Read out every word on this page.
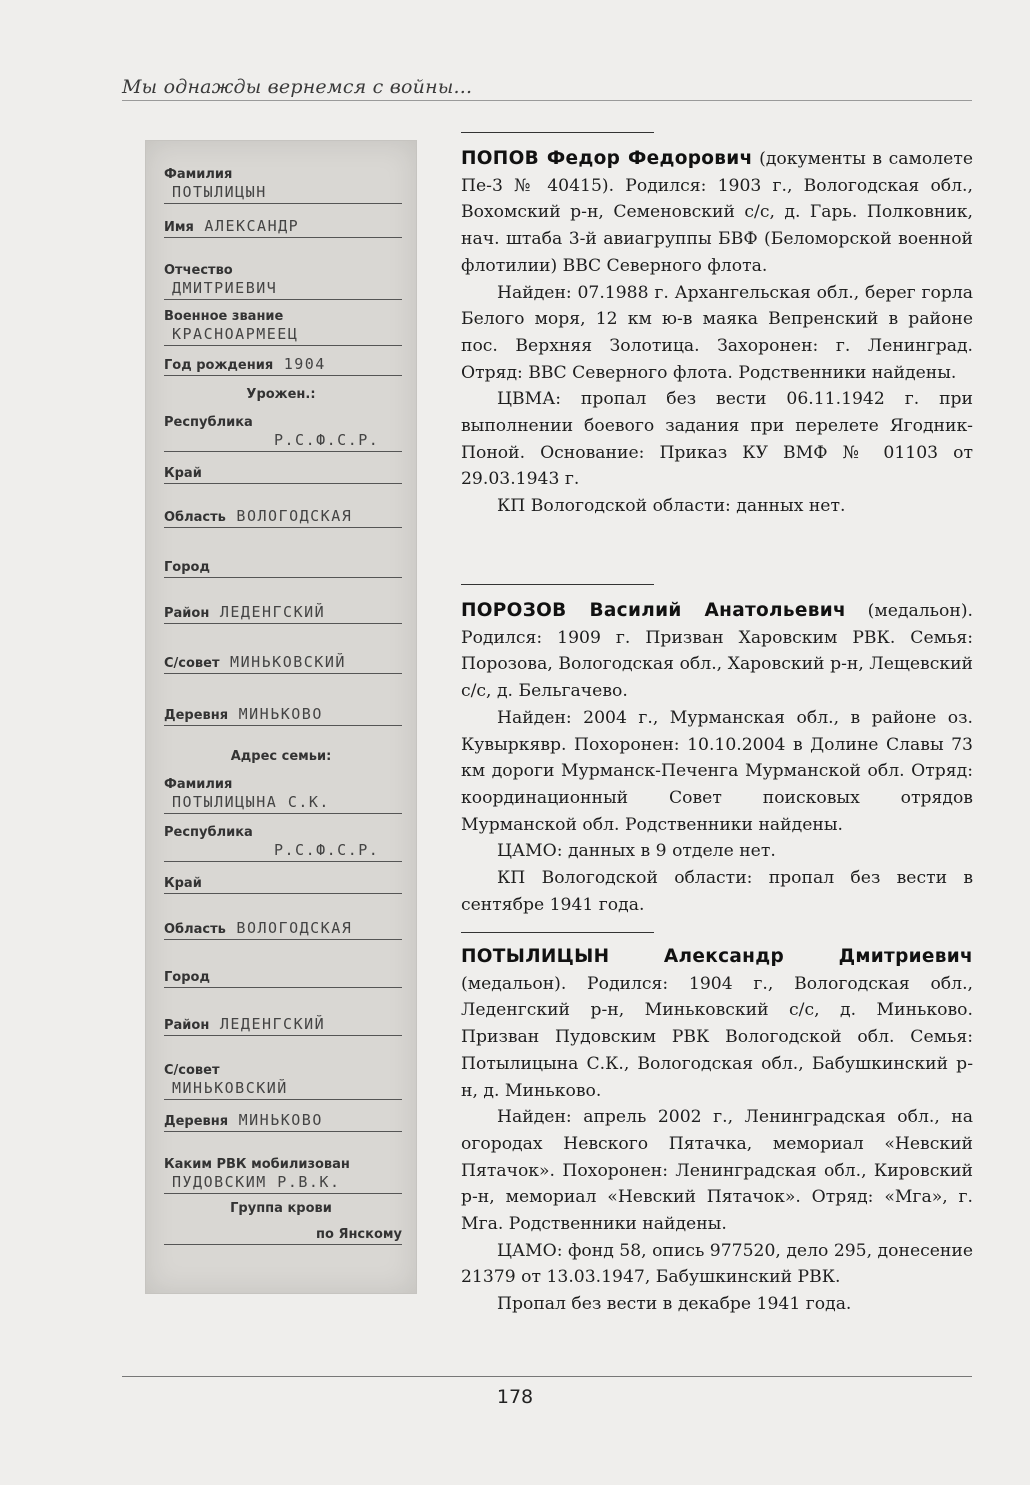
Мы однажды вернемся с войны...
Фамилия
ПОТЫЛИЦЫН
Имя АЛЕКСАНДР
Отчество
ДМИТРИЕВИЧ
Военное звание
КРАСНОАРМЕЕЦ
Год рождения 1904
Урожен.:
Республика
Р.С.Ф.С.Р.
Край
Область ВОЛОГОДСКАЯ
Город
Район ЛЕДЕНГСКИЙ
С/совет МИНЬКОВСКИЙ
Деревня МИНЬКОВО
Адрес семьи:
Фамилия
ПОТЫЛИЦЫНА С.К.
Республика
Р.С.Ф.С.Р.
Край
Область ВОЛОГОДСКАЯ
Город
Район ЛЕДЕНГСКИЙ
С/совет
МИНЬКОВСКИЙ
Деревня МИНЬКОВО
Каким РВК мобилизован
ПУДОВСКИМ Р.В.К.
Группа крови
по Янскому

ПОПОВ Федор Федорович (документы в самолете Пе-3 № 40415). Родился: 1903 г., Вологодская обл., Вохомский р-н, Семеновский с/с, д. Гарь. Полковник, нач. штаба 3-й авиагруппы БВФ (Беломорской военной флотилии) ВВС Северного флота.

Найден: 07.1988 г. Архангельская обл., берег горла Белого моря, 12 км ю-в маяка Вепренский в районе пос. Верхняя Золотица. Захоронен: г. Ленинград. Отряд: ВВС Северного флота. Родственники найдены.

ЦВМА: пропал без вести 06.11.1942 г. при выполнении боевого задания при перелете Ягодник-Поной. Основание: Приказ КУ ВМФ № 01103 от 29.03.1943 г.

КП Вологодской области: данных нет.

ПОРОЗОВ Василий Анатольевич (медальон). Родился: 1909 г. Призван Харовским РВК. Семья: Порозова, Вологодская обл., Харовский р-н, Лещевский с/с, д. Бельгачево.

Найден: 2004 г., Мурманская обл., в районе оз. Кувыркявр. Похоронен: 10.10.2004 в Долине Славы 73 км дороги Мурманск-Печенга Мурманской обл. Отряд: координационный Совет поисковых отрядов Мурманской обл. Родственники найдены.

ЦАМО: данных в 9 отделе нет.

КП Вологодской области: пропал без вести в сентябре 1941 года.

ПОТЫЛИЦЫН Александр Дмитриевич (медальон). Родился: 1904 г., Вологодская обл., Леденгский р-н, Миньковский с/с, д. Миньково. Призван Пудовским РВК Вологодской обл. Семья: Потылицына С.К., Вологодская обл., Бабушкинский р-н, д. Миньково.

Найден: апрель 2002 г., Ленинградская обл., на огородах Невского Пятачка, мемориал «Невский Пятачок». Похоронен: Ленинградская обл., Кировский р-н, мемориал «Невский Пятачок». Отряд: «Мга», г. Мга. Родственники найдены.

ЦАМО: фонд 58, опись 977520, дело 295, донесение 21379 от 13.03.1947, Бабушкинский РВК.

Пропал без вести в декабре 1941 года.

178
